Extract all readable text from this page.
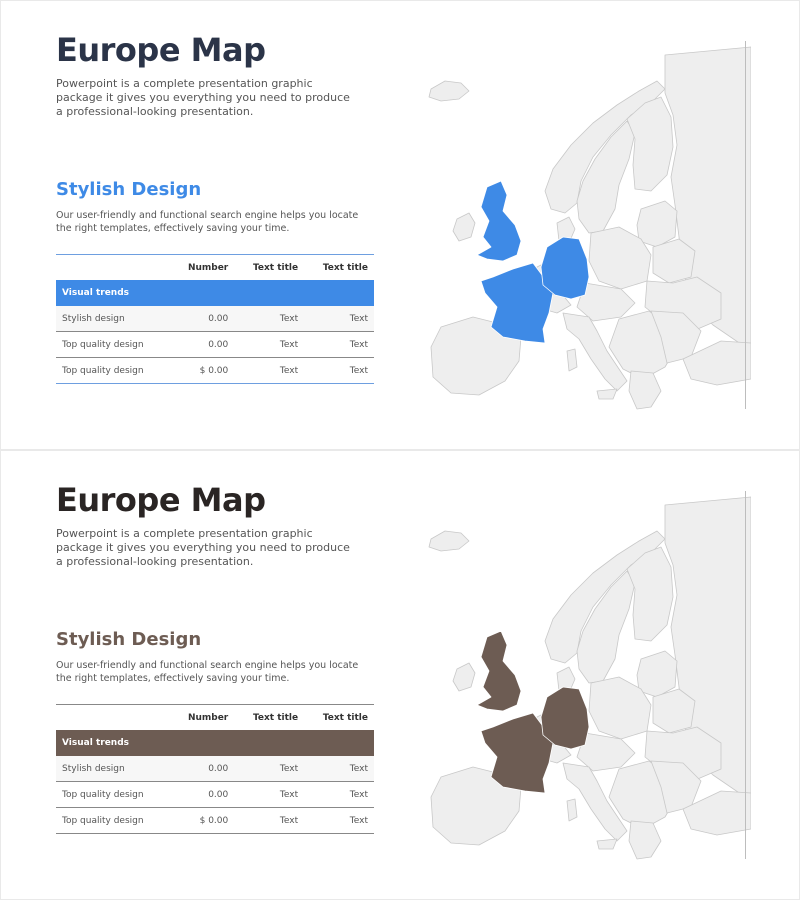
Europe Map

Powerpoint is a complete presentation graphic package it gives you everything you need to produce a professional-looking presentation.

Stylish Design

Our user-friendly and functional search engine helps you locate the right templates, effectively saving your time.

	Number	Text title	Text title
Visual trends			
Stylish design	0.00	Text	Text
Top quality design	0.00	Text	Text
Top quality design	$ 0.00	Text	Text
Europe Map

Powerpoint is a complete presentation graphic package it gives you everything you need to produce a professional-looking presentation.

Stylish Design

Our user-friendly and functional search engine helps you locate the right templates, effectively saving your time.

	Number	Text title	Text title
Visual trends			
Stylish design	0.00	Text	Text
Top quality design	0.00	Text	Text
Top quality design	$ 0.00	Text	Text
